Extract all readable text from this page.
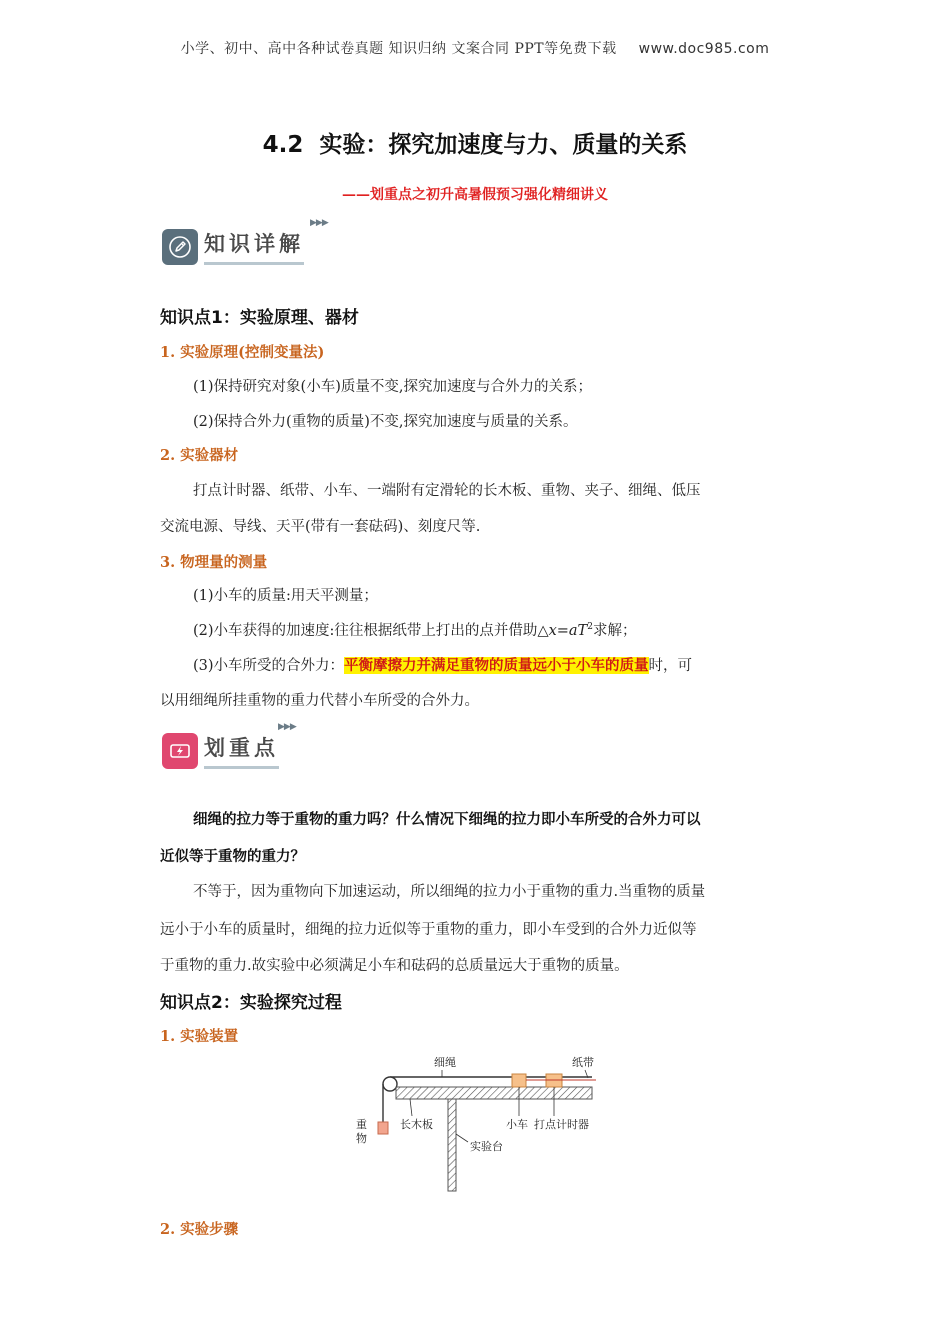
小学、初中、高中各种试卷真题 知识归纳 文案合同 PPT等免费下载 www.doc985.com
4.2 实验：探究加速度与力、质量的关系
——划重点之初升高暑假预习强化精细讲义
知识详解
▶▶▶
知识点1：实验原理、器材
1. 实验原理(控制变量法)
(1)保持研究对象(小车)质量不变,探究加速度与合外力的关系；
(2)保持合外力(重物的质量)不变,探究加速度与质量的关系。
2. 实验器材
打点计时器、纸带、小车、一端附有定滑轮的长木板、重物、夹子、细绳、低压
交流电源、导线、天平(带有一套砝码)、刻度尺等.
3. 物理量的测量
(1)小车的质量:用天平测量；
(2)小车获得的加速度:往往根据纸带上打出的点并借助$\triangle x=aT^2$求解；
(3)小车所受的合外力：平衡摩擦力并满足重物的质量远小于小车的质量时，可
以用细绳所挂重物的重力代替小车所受的合外力。
划重点
▶▶▶
细绳的拉力等于重物的重力吗？什么情况下细绳的拉力即小车所受的合外力可以
近似等于重物的重力？
不等于，因为重物向下加速运动，所以细绳的拉力小于重物的重力.当重物的质量
远小于小车的质量时，细绳的拉力近似等于重物的重力，即小车受到的合外力近似等
于重物的重力.故实验中必须满足小车和砝码的总质量远大于重物的质量。
知识点2：实验探究过程
1. 实验装置
细绳	纸带
重
物
长木板	小车 打点计时器
实验台
2. 实验步骤
